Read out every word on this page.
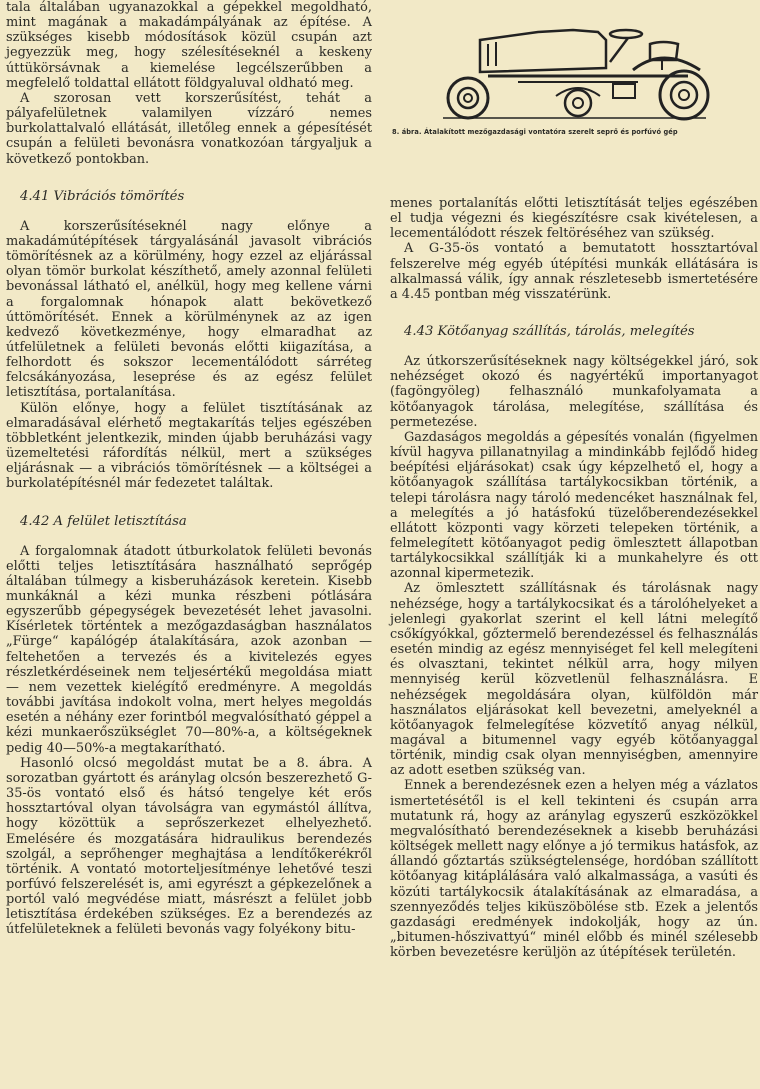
8. ábra. Átalakított mezőgazdasági vontatóra szerelt seprő és porfúvó gép

tala általában ugyanazokkal a gépekkel megoldható, mint magának a makadámpályának az építése. A szükséges kisebb módosítások közül csupán azt jegyezzük meg, hogy szélesítéseknél a keskeny úttükörsávnak a kiemelése legcélszerűbben a megfelelő toldattal ellátott földgyaluval oldható meg.

A szorosan vett korszerűsítést, tehát a pályafelületnek valamilyen vízzáró nemes burkolattalvaló ellátását, illetőleg ennek a gépesítését csupán a felületi bevonásra vonatkozóan tárgyaljuk a következő pontokban.

4.41 Vibrációs tömörítés

A korszerűsítéseknél nagy előnye a makadámútépítések tárgyalásánál javasolt vibrációs tömörítésnek az a körülmény, hogy ezzel az eljárással olyan tömör burkolat készíthető, amely azonnal felületi bevonással látható el, anélkül, hogy meg kellene várni a forgalomnak hónapok alatt bekövetkező úttömörítését. Ennek a körülménynek az az igen kedvező következménye, hogy elmaradhat az útfelületnek a felületi bevonás előtti kiigazítása, a felhordott és sokszor lecementálódott sárréteg felcsákányozása, leseprése és az egész felület letisztítása, portalanítása.

Külön előnye, hogy a felület tisztításának az elmaradásával elérhető megtakarítás teljes egészében többletként jelentkezik, minden újabb beruházási vagy üzemeltetési ráfordítás nélkül, mert a szükséges eljárásnak — a vibrációs tömörítésnek — a költségei a burkolatépítésnél már fedezetet találtak.

4.42 A felület letisztítása

A forgalomnak átadott útburkolatok felületi bevonás előtti teljes letisztítására használható seprőgép általában túlmegy a kisberuházások keretein. Kisebb munkáknál a kézi munka részbeni pótlására egyszerűbb gépegységek bevezetését lehet javasolni. Kísérletek történtek a mezőgazdaságban használatos „Fürge“ kapálógép átalakítására, azok azonban — feltehetően a tervezés és a kivitelezés egyes részletkérdéseinek nem teljesértékű megoldása miatt — nem vezettek kielégítő eredményre. A megoldás további javítása indokolt volna, mert helyes megoldás esetén a néhány ezer forintból megvalósítható géppel a kézi munkaerőszükséglet 70—80%-a, a költségeknek pedig 40—50%-a megtakarítható.

Hasonló olcsó megoldást mutat be a 8. ábra. A sorozatban gyártott és aránylag olcsón beszerezhető G-35-ös vontató első és hátsó tengelye két erős hossztartóval olyan távolságra van egymástól állítva, hogy közöttük a seprőszerkezet elhelyezhető. Emelésére és mozgatására hidraulikus berendezés szolgál, a seprőhenger meghajtása a lendítőkerékről történik. A vontató motorteljesítménye lehetővé teszi porfúvó felszerelését is, ami egyrészt a gépkezelőnek a portól való megvédése miatt, másrészt a felület jobb letisztítása érdekében szükséges. Ez a berendezés az útfelületeknek a felületi bevonás vagy folyékony bitu-

menes portalanítás előtti letisztítását teljes egészében el tudja végezni és kiegészítésre csak kivételesen, a lecementálódott részek feltöréséhez van szükség.

A G-35-ös vontató a bemutatott hossztartóval felszerelve még egyéb útépítési munkák ellátására is alkalmassá válik, így annak részletesebb ismertetésére a 4.45 pontban még visszatérünk.

4.43 Kötőanyag szállítás, tárolás, melegítés

Az útkorszerűsítéseknek nagy költségekkel járó, sok nehézséget okozó és nagyértékű importanyagot (fagöngyöleg) felhasználó munkafolyamata a kötőanyagok tárolása, melegítése, szállítása és permetezése.

Gazdaságos megoldás a gépesítés vonalán (figyelmen kívül hagyva pillanatnyilag a mindinkább fejlődő hideg beépítési eljárásokat) csak úgy képzelhető el, hogy a kötőanyagok szállítása tartálykocsikban történik, a telepi tárolásra nagy tároló medencéket használnak fel, a melegítés a jó hatásfokú tüzelőberendezésekkel ellátott központi vagy körzeti telepeken történik, a felmelegített kötőanyagot pedig ömlesztett állapotban tartálykocsikkal szállítják ki a munkahelyre és ott azonnal kipermetezik.

Az ömlesztett szállításnak és tárolásnak nagy nehézsége, hogy a tartálykocsikat és a tárolóhelyeket a jelenlegi gyakorlat szerint el kell látni melegítő csőkígyókkal, gőztermelő berendezéssel és felhasználás esetén mindig az egész mennyiséget fel kell melegíteni és olvasztani, tekintet nélkül arra, hogy milyen mennyiség kerül közvetlenül felhasználásra. E nehézségek megoldására olyan, külföldön már használatos eljárásokat kell bevezetni, amelyeknél a kötőanyagok felmelegítése közvetítő anyag nélkül, magával a bitumennel vagy egyéb kötőanyaggal történik, mindig csak olyan mennyiségben, amennyire az adott esetben szükség van.

Ennek a berendezésnek ezen a helyen még a vázlatos ismertetésétől is el kell tekinteni és csupán arra mutatunk rá, hogy az aránylag egyszerű eszközökkel megvalósítható berendezéseknek a kisebb beruházási költségek mellett nagy előnye a jó termikus hatásfok, az állandó gőztartás szükségtelensége, hordóban szállított kötőanyag kitáplálására való alkalmassága, a vasúti és közúti tartálykocsik átalakításának az elmaradása, a szennyeződés teljes kiküszöbölése stb. Ezek a jelentős gazdasági eredmények indokolják, hogy az ún. „bitumen-hőszivattyú“ minél előbb és minél szélesebb körben bevezetésre kerüljön az útépítések területén.
